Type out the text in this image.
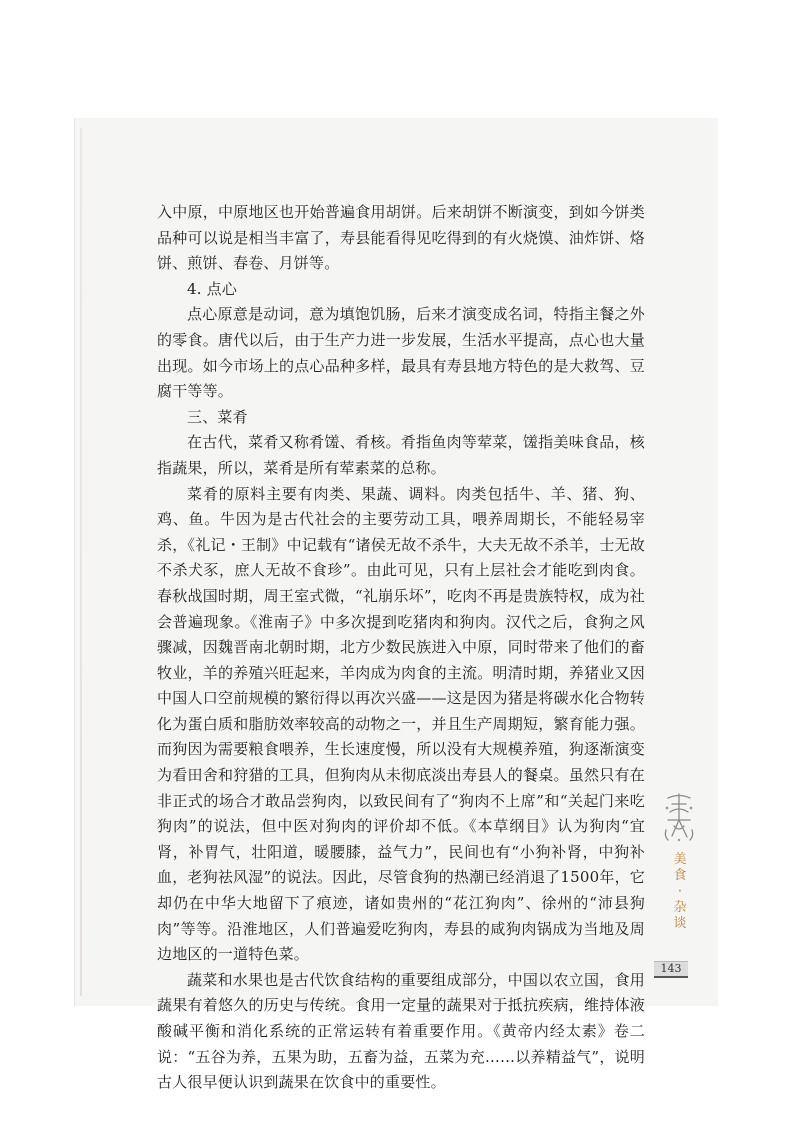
入中原，中原地区也开始普遍食用胡饼。后来胡饼不断演变，到如今饼类品种可以说是相当丰富了，寿县能看得见吃得到的有火烧馍、油炸饼、烙饼、煎饼、春卷、月饼等。

4. 点心

点心原意是动词，意为填饱饥肠，后来才演变成名词，特指主餐之外的零食。唐代以后，由于生产力进一步发展，生活水平提高，点心也大量出现。如今市场上的点心品种多样，最具有寿县地方特色的是大救驾、豆腐干等等。

三、菜肴

在古代，菜肴又称肴馐、肴核。肴指鱼肉等荤菜，馐指美味食品，核指蔬果，所以，菜肴是所有荤素菜的总称。

菜肴的原料主要有肉类、果蔬、调料。肉类包括牛、羊、猪、狗、鸡、鱼。牛因为是古代社会的主要劳动工具，喂养周期长，不能轻易宰杀，《礼记・王制》中记载有“诸侯无故不杀牛，大夫无故不杀羊，士无故不杀犬豕，庶人无故不食珍”。由此可见，只有上层社会才能吃到肉食。春秋战国时期，周王室式微，“礼崩乐坏”，吃肉不再是贵族特权，成为社会普遍现象。《淮南子》中多次提到吃猪肉和狗肉。汉代之后，食狗之风骤减，因魏晋南北朝时期，北方少数民族进入中原，同时带来了他们的畜牧业，羊的养殖兴旺起来，羊肉成为肉食的主流。明清时期，养猪业又因中国人口空前规模的繁衍得以再次兴盛——这是因为猪是将碳水化合物转化为蛋白质和脂肪效率较高的动物之一，并且生产周期短，繁育能力强。而狗因为需要粮食喂养，生长速度慢，所以没有大规模养殖，狗逐渐演变为看田舍和狩猎的工具，但狗肉从未彻底淡出寿县人的餐桌。虽然只有在非正式的场合才敢品尝狗肉，以致民间有了“狗肉不上席”和“关起门来吃狗肉”的说法，但中医对狗肉的评价却不低。《本草纲目》认为狗肉“宜肾，补胃气，壮阳道，暖腰膝，益气力”，民间也有“小狗补肾，中狗补血，老狗祛风湿”的说法。因此，尽管食狗的热潮已经消退了1500年，它却仍在中华大地留下了痕迹，诸如贵州的“花江狗肉”、徐州的“沛县狗肉”等等。沿淮地区，人们普遍爱吃狗肉，寿县的咸狗肉锅成为当地及周边地区的一道特色菜。

蔬菜和水果也是古代饮食结构的重要组成部分，中国以农立国，食用蔬果有着悠久的历史与传统。食用一定量的蔬果对于抵抗疾病，维持体液酸碱平衡和消化系统的正常运转有着重要作用。《黄帝内经太素》卷二说：“五谷为养，五果为助，五畜为益，五菜为充……以养精益气”，说明古人很早便认识到蔬果在饮食中的重要性。

美食·杂谈
143
